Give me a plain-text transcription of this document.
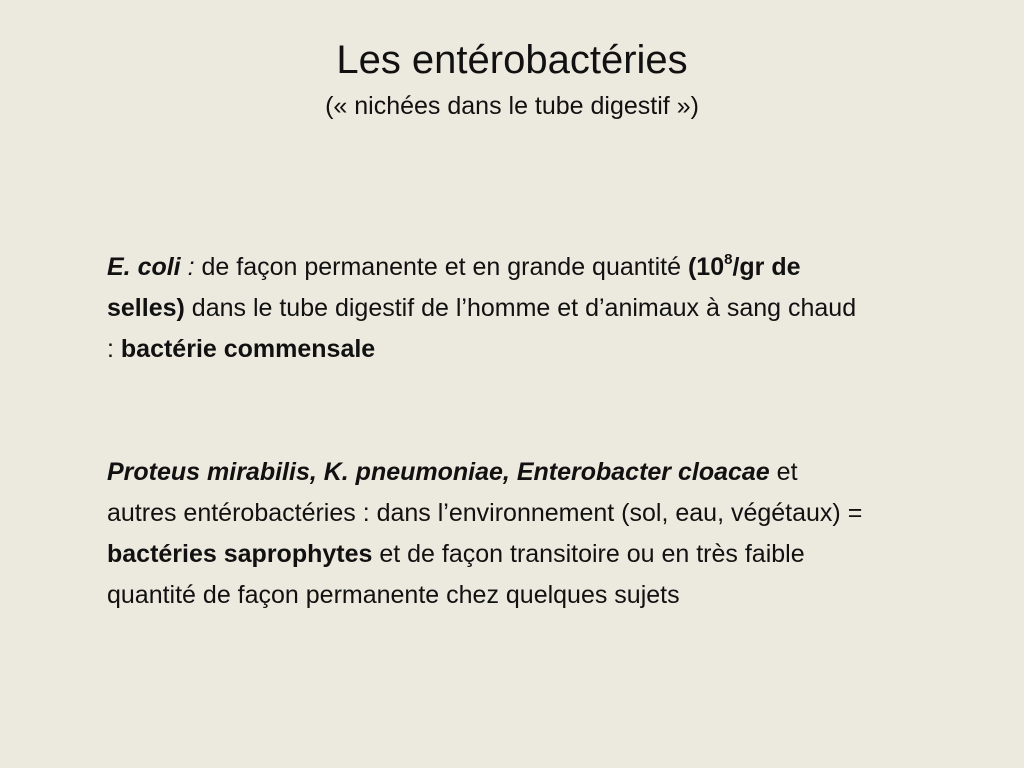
Les entérobactéries

(« nichées dans le tube digestif »)

E. coli : de façon permanente et en grande quantité ($10^8/gr$ de selles) dans le tube digestif de l’homme et d’animaux à sang chaud : bactérie commensale

Proteus mirabilis, K. pneumoniae, Enterobacter cloacae et autres entérobactéries : dans l’environnement (sol, eau, végétaux) = bactéries saprophytes et de façon transitoire ou en très faible quantité de façon permanente chez quelques sujets
